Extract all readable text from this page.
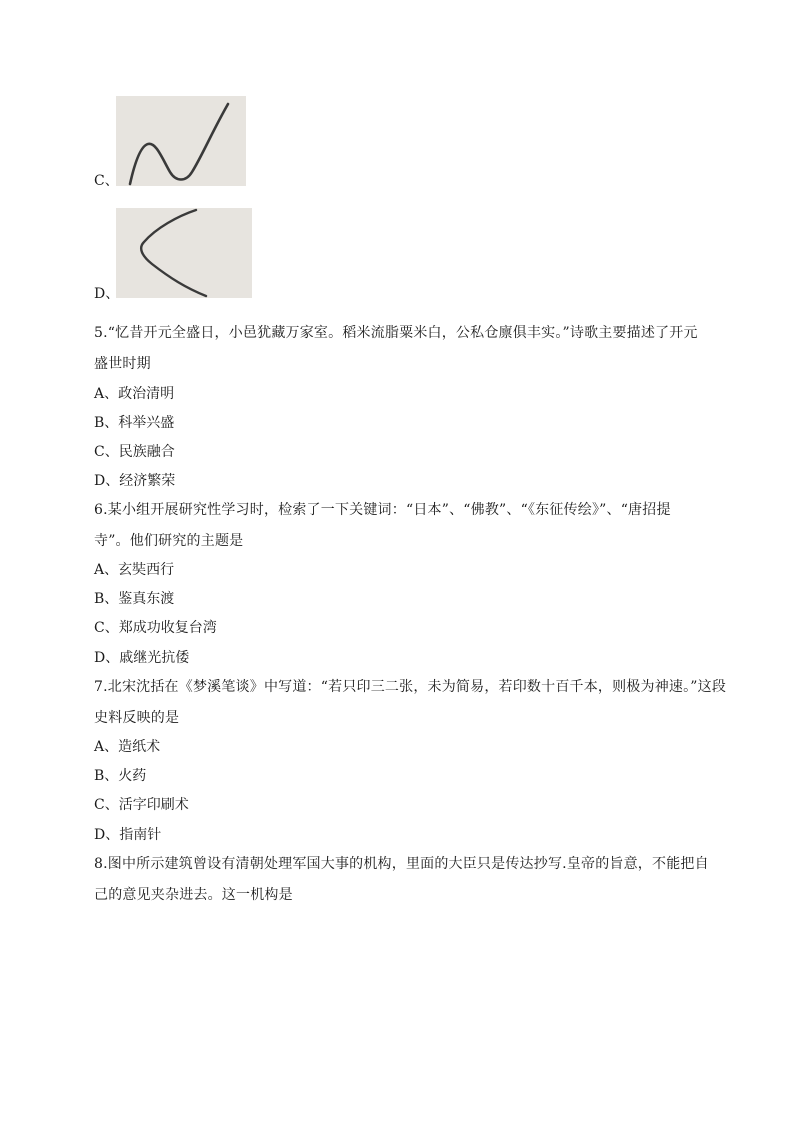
C、
D、
5.“忆昔开元全盛日，小邑犹藏万家室。稻米流脂粟米白，公私仓廪俱丰实。”诗歌主要描述了开元
盛世时期
A、政治清明
B、科举兴盛
C、民族融合
D、经济繁荣
6.某小组开展研究性学习时，检索了一下关键词：“日本”、“佛教”、“《东征传绘》”、“唐招提
寺”。他们研究的主题是
A、玄奘西行
B、鉴真东渡
C、郑成功收复台湾
D、戚继光抗倭
7.北宋沈括在《梦溪笔谈》中写道：“若只印三二张，未为简易，若印数十百千本，则极为神速。”这段
史料反映的是
A、造纸术
B、火药
C、活字印刷术
D、指南针
8.图中所示建筑曾设有清朝处理军国大事的机构，里面的大臣只是传达抄写.皇帝的旨意，不能把自
己的意见夹杂进去。这一机构是
